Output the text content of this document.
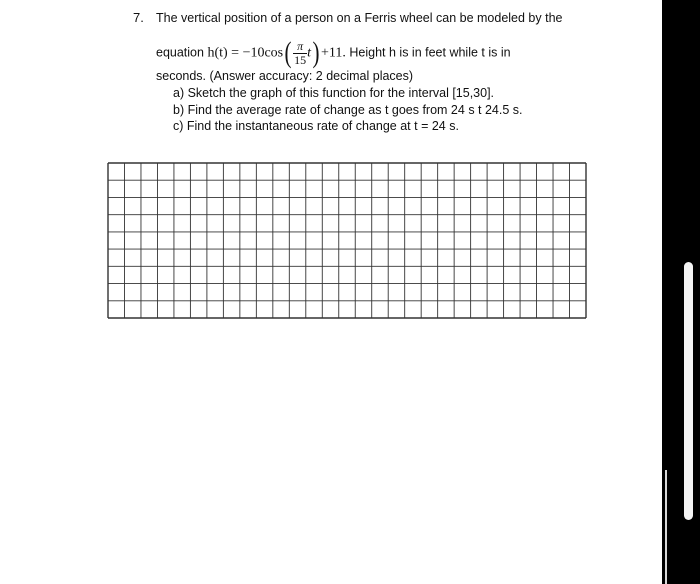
7. The vertical position of a person on a Ferris wheel can be modeled by the
equation $h(t) = -10\cos( \frac{\pi}{15} t) +11$. Height h is in feet while t is in
seconds. (Answer accuracy: 2 decimal places)
a) Sketch the graph of this function for the interval [15,30].
b) Find the average rate of change as t goes from 24 s t 24.5 s.
c) Find the instantaneous rate of change at t = 24 s.
